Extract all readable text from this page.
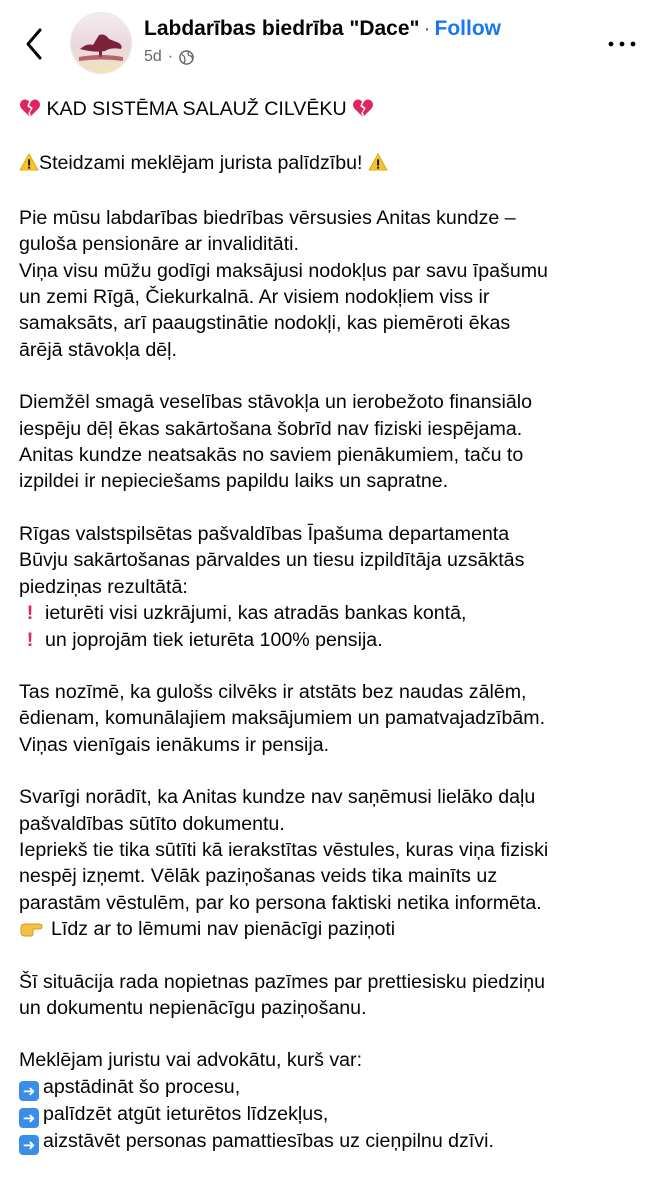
Labdarības biedrība "Dace" · Follow
5d ·

KAD SISTĒMA SALAUŽ CILVĒKU

Steidzami meklējam jurista palīdzību!

Pie mūsu labdarības biedrības vērsusies Anitas kundze –
guloša pensionāre ar invaliditāti.
Viņa visu mūžu godīgi maksājusi nodokļus par savu īpašumu
un zemi Rīgā, Čiekurkalnā. Ar visiem nodokļiem viss ir
samaksāts, arī paaugstinātie nodokļi, kas piemēroti ēkas
ārējā stāvokļa dēļ.

Diemžēl smagā veselības stāvokļa un ierobežoto finansiālo
iespēju dēļ ēkas sakārtošana šobrīd nav fiziski iespējama.
Anitas kundze neatsakās no saviem pienākumiem, taču to
izpildei ir nepieciešams papildu laiks un sapratne.

Rīgas valstspilsētas pašvaldības Īpašuma departamenta
Būvju sakārtošanas pārvaldes un tiesu izpildītāja uzsāktās
piedziņas rezultātā:
! ieturēti visi uzkrājumi, kas atradās bankas kontā,
! un joprojām tiek ieturēta 100% pensija.

Tas nozīmē, ka gulošs cilvēks ir atstāts bez naudas zālēm,
ēdienam, komunālajiem maksājumiem un pamatvajadzībām.
Viņas vienīgais ienākums ir pensija.

Svarīgi norādīt, ka Anitas kundze nav saņēmusi lielāko daļu
pašvaldības sūtīto dokumentu.
Iepriekš tie tika sūtīti kā ierakstītas vēstules, kuras viņa fiziski
nespēj izņemt. Vēlāk paziņošanas veids tika mainīts uz
parastām vēstulēm, par ko persona faktiski netika informēta.
Līdz ar to lēmumi nav pienācīgi paziņoti

Šī situācija rada nopietnas pazīmes par prettiesisku piedziņu
un dokumentu nepienācīgu paziņošanu.

Meklējam juristu vai advokātu, kurš var:
➜ apstādināt šo procesu,
➜ palīdzēt atgūt ieturētos līdzekļus,
➜ aizstāvēt personas pamattiesības uz cieņpilnu dzīvi.
